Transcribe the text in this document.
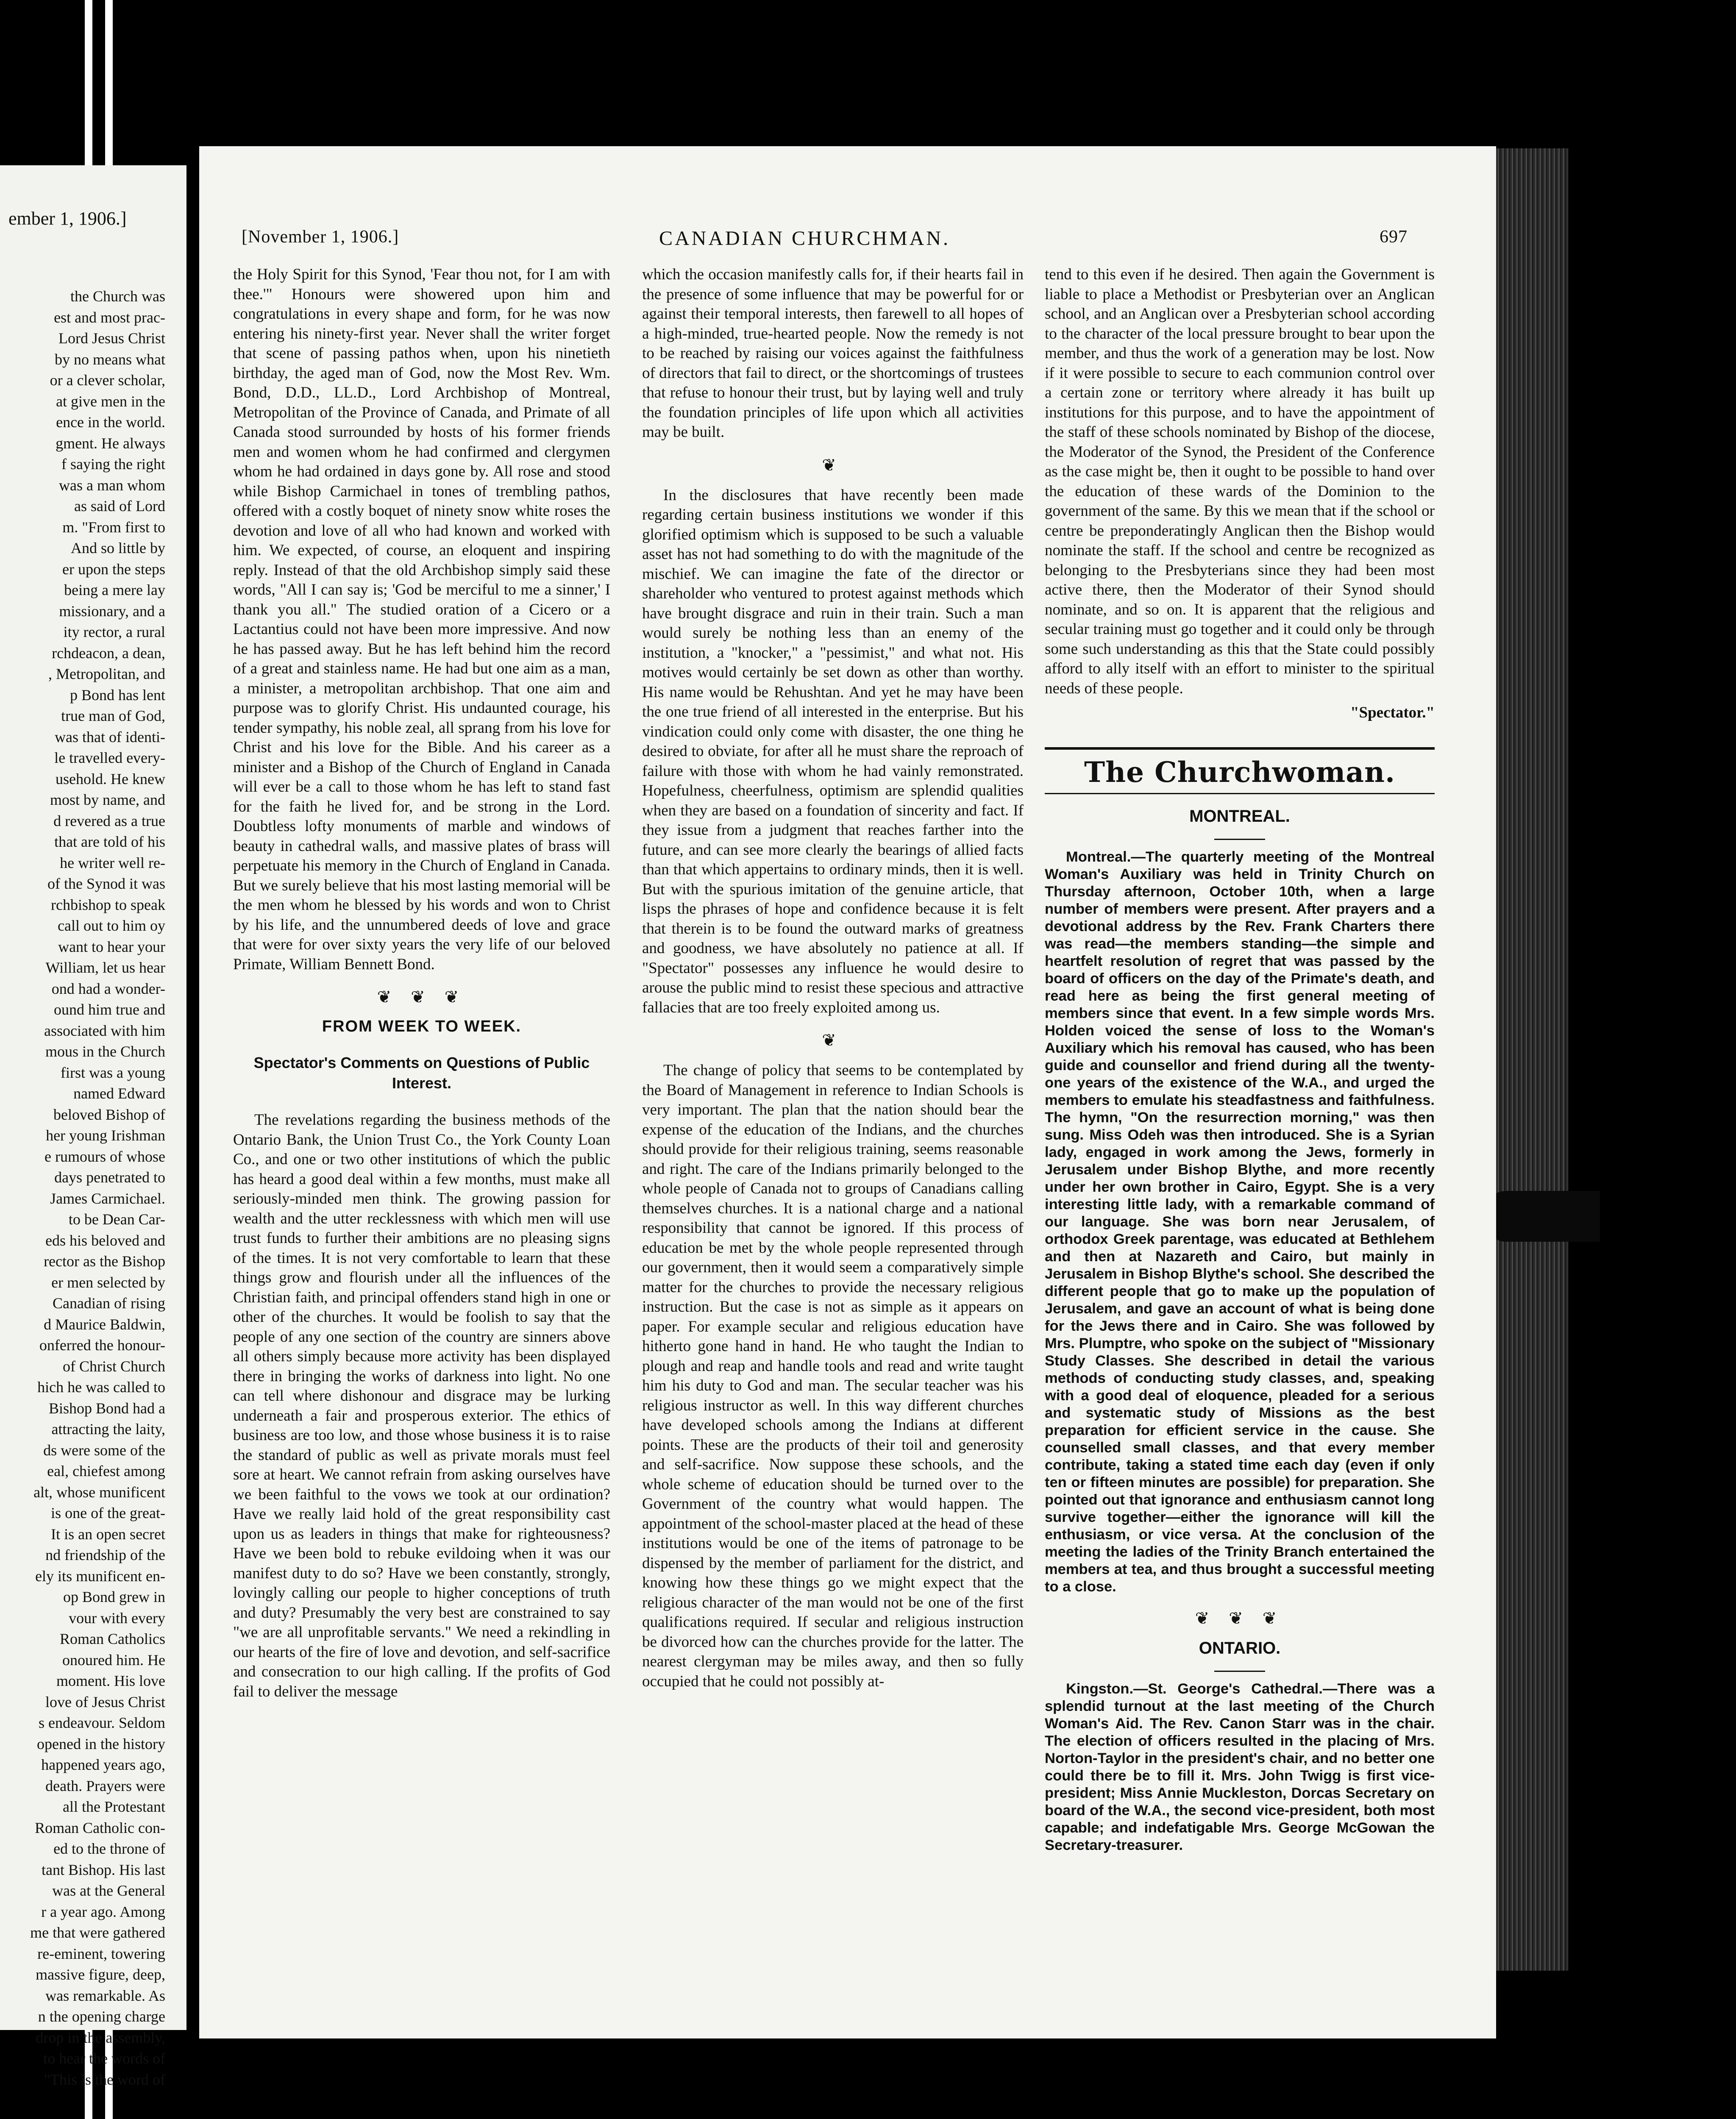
ember 1, 1906.]
the Church was
est and most prac-
Lord Jesus Christ
by no means what
or a clever scholar,
at give men in the
ence in the world.
gment. He always
f saying the right
was a man whom
as said of Lord
m. "From first to
And so little by
er upon the steps
being a mere lay
missionary, and a
ity rector, a rural
rchdeacon, a dean,
, Metropolitan, and
p Bond has lent
true man of God,
was that of identi-
le travelled every-
usehold. He knew
most by name, and
d revered as a true
that are told of his
he writer well re-
of the Synod it was
rchbishop to speak
call out to him oy
want to hear your
William, let us hear
ond had a wonder-
ound him true and
associated with him
mous in the Church
first was a young
named Edward
beloved Bishop of
her young Irishman
e rumours of whose
days penetrated to
James Carmichael.
to be Dean Car-
eds his beloved and
rector as the Bishop
er men selected by
Canadian of rising
d Maurice Baldwin,
onferred the honour-
of Christ Church
hich he was called to
Bishop Bond had a
attracting the laity,
ds were some of the
eal, chiefest among
alt, whose munificent
is one of the great-
It is an open secret
nd friendship of the
ely its munificent en-
op Bond grew in
vour with every
Roman Catholics
onoured him. He
moment. His love
love of Jesus Christ
s endeavour. Seldom
opened in the history
happened years ago,
death. Prayers were
all the Protestant
Roman Catholic con-
ed to the throne of
tant Bishop. His last
was at the General
r a year ago. Among
me that were gathered
re-eminent, towering
massive figure, deep,
was remarkable. As
n the opening charge
drop in the assembly,
to hear the words of
"This is the word of
[November 1, 1906.]	CANADIAN CHURCHMAN.	697

the Holy Spirit for this Synod, 'Fear thou not, for I am with thee.'" Honours were showered upon him and congratulations in every shape and form, for he was now entering his ninety-first year. Never shall the writer forget that scene of passing pathos when, upon his ninetieth birthday, the aged man of God, now the Most Rev. Wm. Bond, D.D., LL.D., Lord Archbishop of Montreal, Metropolitan of the Province of Canada, and Primate of all Canada stood surrounded by hosts of his former friends men and women whom he had confirmed and clergymen whom he had ordained in days gone by. All rose and stood while Bishop Carmichael in tones of trembling pathos, offered with a costly boquet of ninety snow white roses the devotion and love of all who had known and worked with him. We expected, of course, an eloquent and inspiring reply. Instead of that the old Archbishop simply said these words, "All I can say is; 'God be merciful to me a sinner,' I thank you all." The studied oration of a Cicero or a Lactantius could not have been more impressive. And now he has passed away. But he has left behind him the record of a great and stainless name. He had but one aim as a man, a minister, a metropolitan archbishop. That one aim and purpose was to glorify Christ. His undaunted courage, his tender sympathy, his noble zeal, all sprang from his love for Christ and his love for the Bible. And his career as a minister and a Bishop of the Church of England in Canada will ever be a call to those whom he has left to stand fast for the faith he lived for, and be strong in the Lord. Doubtless lofty monuments of marble and windows of beauty in cathedral walls, and massive plates of brass will perpetuate his memory in the Church of England in Canada. But we surely believe that his most lasting memorial will be the men whom he blessed by his words and won to Christ by his life, and the unnumbered deeds of love and grace that were for over sixty years the very life of our beloved Primate, William Bennett Bond.

❦ ❦ ❦
FROM WEEK TO WEEK.
Spectator's Comments on Questions of Public Interest.

The revelations regarding the business methods of the Ontario Bank, the Union Trust Co., the York County Loan Co., and one or two other institutions of which the public has heard a good deal within a few months, must make all seriously-minded men think. The growing passion for wealth and the utter recklessness with which men will use trust funds to further their ambitions are no pleasing signs of the times. It is not very comfortable to learn that these things grow and flourish under all the influences of the Christian faith, and principal offenders stand high in one or other of the churches. It would be foolish to say that the people of any one section of the country are sinners above all others simply because more activity has been displayed there in bringing the works of darkness into light. No one can tell where dishonour and disgrace may be lurking underneath a fair and prosperous exterior. The ethics of business are too low, and those whose business it is to raise the standard of public as well as private morals must feel sore at heart. We cannot refrain from asking ourselves have we been faithful to the vows we took at our ordination? Have we really laid hold of the great responsibility cast upon us as leaders in things that make for righteousness? Have we been bold to rebuke evildoing when it was our manifest duty to do so? Have we been constantly, strongly, lovingly calling our people to higher conceptions of truth and duty? Presumably the very best are constrained to say "we are all unprofitable servants." We need a rekindling in our hearts of the fire of love and devotion, and self-sacrifice and consecration to our high calling. If the profits of God fail to deliver the message

which the occasion manifestly calls for, if their hearts fail in the presence of some influence that may be powerful for or against their temporal interests, then farewell to all hopes of a high-minded, true-hearted people. Now the remedy is not to be reached by raising our voices against the faithfulness of directors that fail to direct, or the shortcomings of trustees that refuse to honour their trust, but by laying well and truly the foundation principles of life upon which all activities may be built.

❦

In the disclosures that have recently been made regarding certain business institutions we wonder if this glorified optimism which is supposed to be such a valuable asset has not had something to do with the magnitude of the mischief. We can imagine the fate of the director or shareholder who ventured to protest against methods which have brought disgrace and ruin in their train. Such a man would surely be nothing less than an enemy of the institution, a "knocker," a "pessimist," and what not. His motives would certainly be set down as other than worthy. His name would be Rehushtan. And yet he may have been the one true friend of all interested in the enterprise. But his vindication could only come with disaster, the one thing he desired to obviate, for after all he must share the reproach of failure with those with whom he had vainly remonstrated. Hopefulness, cheerfulness, optimism are splendid qualities when they are based on a foundation of sincerity and fact. If they issue from a judgment that reaches farther into the future, and can see more clearly the bearings of allied facts than that which appertains to ordinary minds, then it is well. But with the spurious imitation of the genuine article, that lisps the phrases of hope and confidence because it is felt that therein is to be found the outward marks of greatness and goodness, we have absolutely no patience at all. If "Spectator" possesses any influence he would desire to arouse the public mind to resist these specious and attractive fallacies that are too freely exploited among us.

❦

The change of policy that seems to be contemplated by the Board of Management in reference to Indian Schools is very important. The plan that the nation should bear the expense of the education of the Indians, and the churches should provide for their religious training, seems reasonable and right. The care of the Indians primarily belonged to the whole people of Canada not to groups of Canadians calling themselves churches. It is a national charge and a national responsibility that cannot be ignored. If this process of education be met by the whole people represented through our government, then it would seem a comparatively simple matter for the churches to provide the necessary religious instruction. But the case is not as simple as it appears on paper. For example secular and religious education have hitherto gone hand in hand. He who taught the Indian to plough and reap and handle tools and read and write taught him his duty to God and man. The secular teacher was his religious instructor as well. In this way different churches have developed schools among the Indians at different points. These are the products of their toil and generosity and self-sacrifice. Now suppose these schools, and the whole scheme of education should be turned over to the Government of the country what would happen. The appointment of the school-master placed at the head of these institutions would be one of the items of patronage to be dispensed by the member of parliament for the district, and knowing how these things go we might expect that the religious character of the man would not be one of the first qualifications required. If secular and religious instruction be divorced how can the churches provide for the latter. The nearest clergyman may be miles away, and then so fully occupied that he could not possibly at-

tend to this even if he desired. Then again the Government is liable to place a Methodist or Presbyterian over an Anglican school, and an Anglican over a Presbyterian school according to the character of the local pressure brought to bear upon the member, and thus the work of a generation may be lost. Now if it were possible to secure to each communion control over a certain zone or territory where already it has built up institutions for this purpose, and to have the appointment of the staff of these schools nominated by Bishop of the diocese, the Moderator of the Synod, the President of the Conference as the case might be, then it ought to be possible to hand over the education of these wards of the Dominion to the government of the same. By this we mean that if the school or centre be preponderatingly Anglican then the Bishop would nominate the staff. If the school and centre be recognized as belonging to the Presbyterians since they had been most active there, then the Moderator of their Synod should nominate, and so on. It is apparent that the religious and secular training must go together and it could only be through some such understanding as this that the State could possibly afford to ally itself with an effort to minister to the spiritual needs of these people.

"Spectator."
The Churchwoman.
MONTREAL.

Montreal.—The quarterly meeting of the Montreal Woman's Auxiliary was held in Trinity Church on Thursday afternoon, October 10th, when a large number of members were present. After prayers and a devotional address by the Rev. Frank Charters there was read—the members standing—the simple and heartfelt resolution of regret that was passed by the board of officers on the day of the Primate's death, and read here as being the first general meeting of members since that event. In a few simple words Mrs. Holden voiced the sense of loss to the Woman's Auxiliary which his removal has caused, who has been guide and counsellor and friend during all the twenty-one years of the existence of the W.A., and urged the members to emulate his steadfastness and faithfulness. The hymn, "On the resurrection morning," was then sung. Miss Odeh was then introduced. She is a Syrian lady, engaged in work among the Jews, formerly in Jerusalem under Bishop Blythe, and more recently under her own brother in Cairo, Egypt. She is a very interesting little lady, with a remarkable command of our language. She was born near Jerusalem, of orthodox Greek parentage, was educated at Bethlehem and then at Nazareth and Cairo, but mainly in Jerusalem in Bishop Blythe's school. She described the different people that go to make up the population of Jerusalem, and gave an account of what is being done for the Jews there and in Cairo. She was followed by Mrs. Plumptre, who spoke on the subject of "Missionary Study Classes. She described in detail the various methods of conducting study classes, and, speaking with a good deal of eloquence, pleaded for a serious and systematic study of Missions as the best preparation for efficient service in the cause. She counselled small classes, and that every member contribute, taking a stated time each day (even if only ten or fifteen minutes are possible) for preparation. She pointed out that ignorance and enthusiasm cannot long survive together—either the ignorance will kill the enthusiasm, or vice versa. At the conclusion of the meeting the ladies of the Trinity Branch entertained the members at tea, and thus brought a successful meeting to a close.

❦ ❦ ❦
ONTARIO.

Kingston.—St. George's Cathedral.—There was a splendid turnout at the last meeting of the Church Woman's Aid. The Rev. Canon Starr was in the chair. The election of officers resulted in the placing of Mrs. Norton-Taylor in the president's chair, and no better one could there be to fill it. Mrs. John Twigg is first vice-president; Miss Annie Muckleston, Dorcas Secretary on board of the W.A., the second vice-president, both most capable; and indefatigable Mrs. George McGowan the Secretary-treasurer.
